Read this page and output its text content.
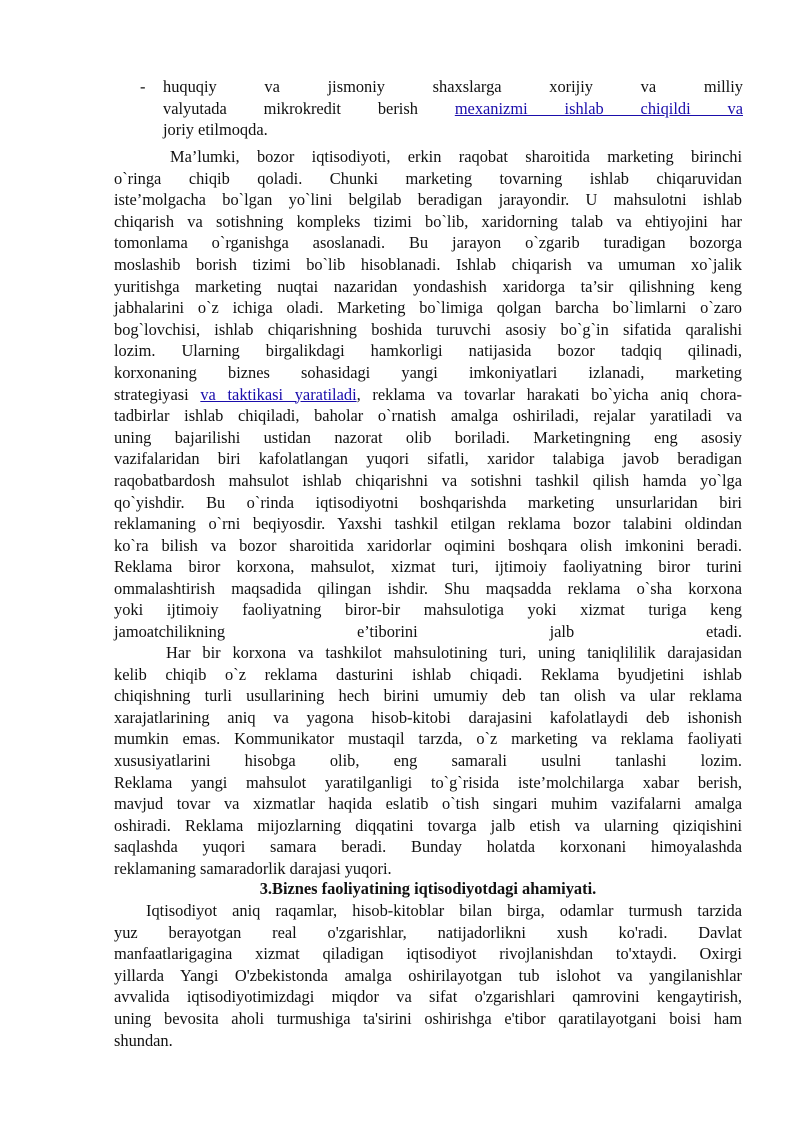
- huquqiy va jismoniy shaxslarga xorijiy va milliy
valyutada mikrokredit berish mexanizmi ishlab chiqildi va
joriy etilmoqda.
Ma’lumki, bozor iqtisodiyoti, erkin raqobat sharoitida marketing birinchi
o`ringa chiqib qoladi. Chunki marketing tovarning ishlab chiqaruvidan
iste’molgacha bo`lgan yo`lini belgilab beradigan jarayondir. U mahsulotni ishlab
chiqarish va sotishning kompleks tizimi bo`lib, xaridorning talab va ehtiyojini har
tomonlama o`rganishga asoslanadi. Bu jarayon o`zgarib turadigan bozorga
moslashib borish tizimi bo`lib hisoblanadi. Ishlab chiqarish va umuman xo`jalik
yuritishga marketing nuqtai nazaridan yondashish xaridorga ta’sir qilishning keng
jabhalarini o`z ichiga oladi. Marketing bo`limiga qolgan barcha bo`limlarni o`zaro
bog`lovchisi, ishlab chiqarishning boshida turuvchi asosiy bo`g`in sifatida qaralishi
lozim. Ularning birgalikdagi hamkorligi natijasida bozor tadqiq qilinadi,
korxonaning biznes sohasidagi yangi imkoniyatlari izlanadi, marketing
strategiyasi va taktikasi yaratiladi, reklama va tovarlar harakati bo`yicha aniq chora-
tadbirlar ishlab chiqiladi, baholar o`rnatish amalga oshiriladi, rejalar yaratiladi va
uning bajarilishi ustidan nazorat olib boriladi. Marketingning eng asosiy
vazifalaridan biri kafolatlangan yuqori sifatli, xaridor talabiga javob beradigan
raqobatbardosh mahsulot ishlab chiqarishni va sotishni tashkil qilish hamda yo`lga
qo`yishdir. Bu o`rinda iqtisodiyotni boshqarishda marketing unsurlaridan biri
reklamaning o`rni beqiyosdir. Yaxshi tashkil etilgan reklama bozor talabini oldindan
ko`ra bilish va bozor sharoitida xaridorlar oqimini boshqara olish imkonini beradi.
Reklama biror korxona, mahsulot, xizmat turi, ijtimoiy faoliyatning biror turini
ommalashtirish maqsadida qilingan ishdir. Shu maqsadda reklama o`sha korxona
yoki ijtimoiy faoliyatning biror-bir mahsulotiga yoki xizmat turiga keng
jamoatchilikning e’tiborini jalb etadi.
Har bir korxona va tashkilot mahsulotining turi, uning taniqlililik darajasidan
kelib chiqib o`z reklama dasturini ishlab chiqadi. Reklama byudjetini ishlab
chiqishning turli usullarining hech birini umumiy deb tan olish va ular reklama
xarajatlarining aniq va yagona hisob-kitobi darajasini kafolatlaydi deb ishonish
mumkin emas. Kommunikator mustaqil tarzda, o`z marketing va reklama faoliyati
xususiyatlarini hisobga olib, eng samarali usulni tanlashi lozim.
Reklama yangi mahsulot yaratilganligi to`g`risida iste’molchilarga xabar berish,
mavjud tovar va xizmatlar haqida eslatib o`tish singari muhim vazifalarni amalga
oshiradi. Reklama mijozlarning diqqatini tovarga jalb etish va ularning qiziqishini
saqlashda yuqori samara beradi. Bunday holatda korxonani himoyalashda
reklamaning samaradorlik darajasi yuqori.
3.Biznes faoliyatining iqtisodiyotdagi ahamiyati.
Iqtisodiyot aniq raqamlar, hisob-kitoblar bilan birga, odamlar turmush tarzida
yuz berayotgan real o'zgarishlar, natijadorlikni xush ko'radi. Davlat
manfaatlarigagina xizmat qiladigan iqtisodiyot rivojlanishdan to'xtaydi. Oxirgi
yillarda Yangi O'zbekistonda amalga oshirilayotgan tub islohot va yangilanishlar
avvalida iqtisodiyotimizdagi miqdor va sifat o'zgarishlari qamrovini kengaytirish,
uning bevosita aholi turmushiga ta'sirini oshirishga e'tibor qaratilayotgani boisi ham
shundan.
